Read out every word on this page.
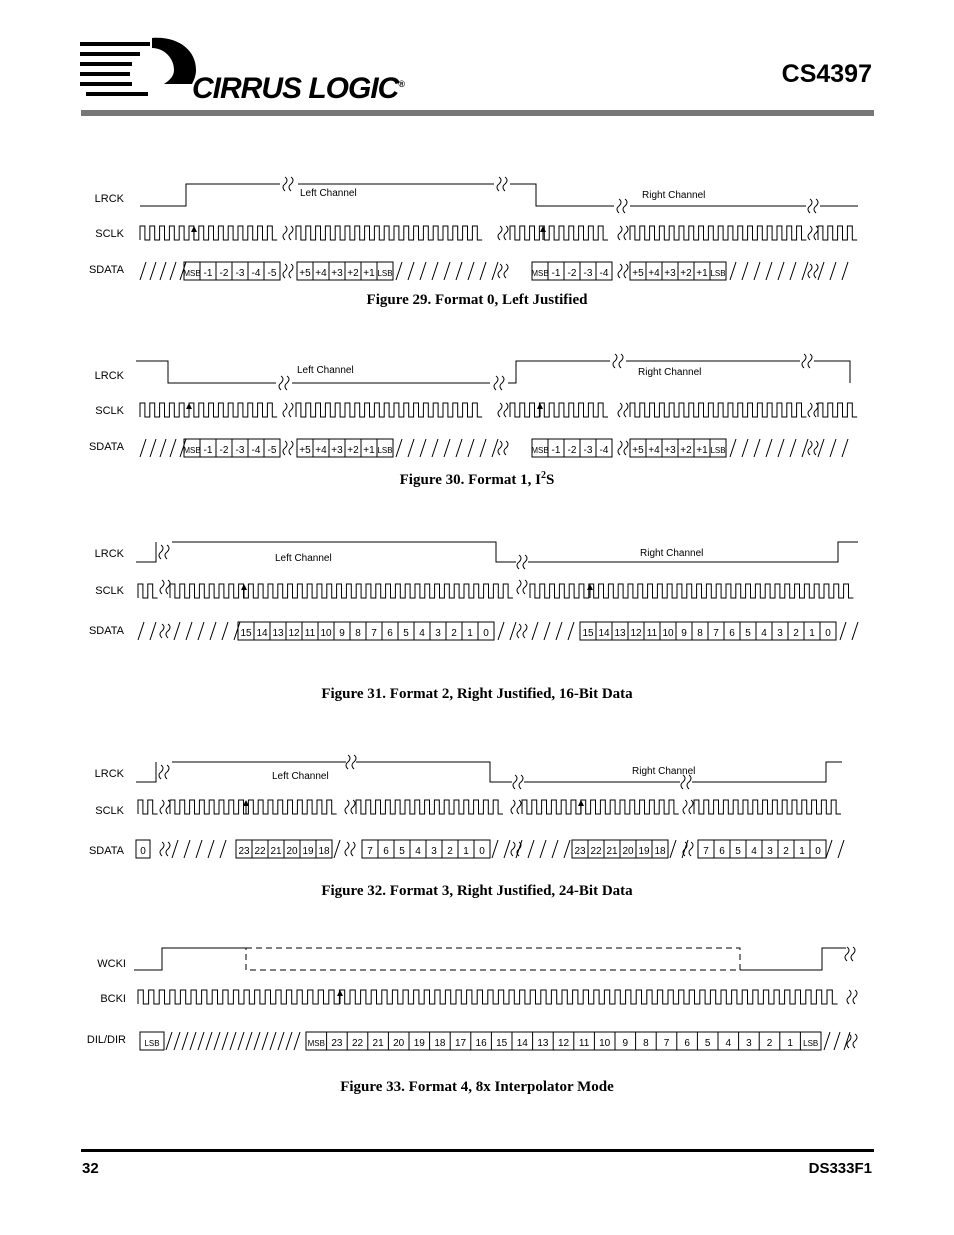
CIRRUS LOGIC®	CS4397
LRCK
SCLK
SDATA
Left Channel	Right Channel
MSB -1 -2 -3 -4 -5 +5 +4 +3 +2 +1 LSB	MSB -1 -2 -3 -4 +5 +4 +3 +2 +1 LSB
Figure 29. Format 0, Left Justified
LRCK
SCLK
SDATA
Left Channel	Right Channel
MSB -1 -2 -3 -4 -5 +5 +4 +3 +2 +1 LSB	MSB -1 -2 -3 -4 +5 +4 +3 +2 +1 LSB
Figure 30. Format 1, $I^2S$
LRCK
SCLK
SDATA
Left Channel	Right Channel
15 14 13 12 11 10 9 8 7 6 5 4 3 2 1 0	15 14 13 12 11 10 9 8 7 6 5 4 3 2 1 0
Figure 31. Format 2, Right Justified, 16-Bit Data
LRCK
SCLK
SDATA
Left Channel	Right Channel
0	23 22 21 20 19 18	7 6 5 4 3 2 1 0	23 22 21 20 19 18	7 6 5 4 3 2 1 0
Figure 32. Format 3, Right Justified, 24-Bit Data
WCKI
BCKI
DIL/DIR LSB	MSB 23 22 21 20 19 18 17 16 15 14 13 12 11 10 9 8 7 6 5 4 3 2 1 LSB
Figure 33. Format 4, 8x Interpolator Mode
32	DS333F1
